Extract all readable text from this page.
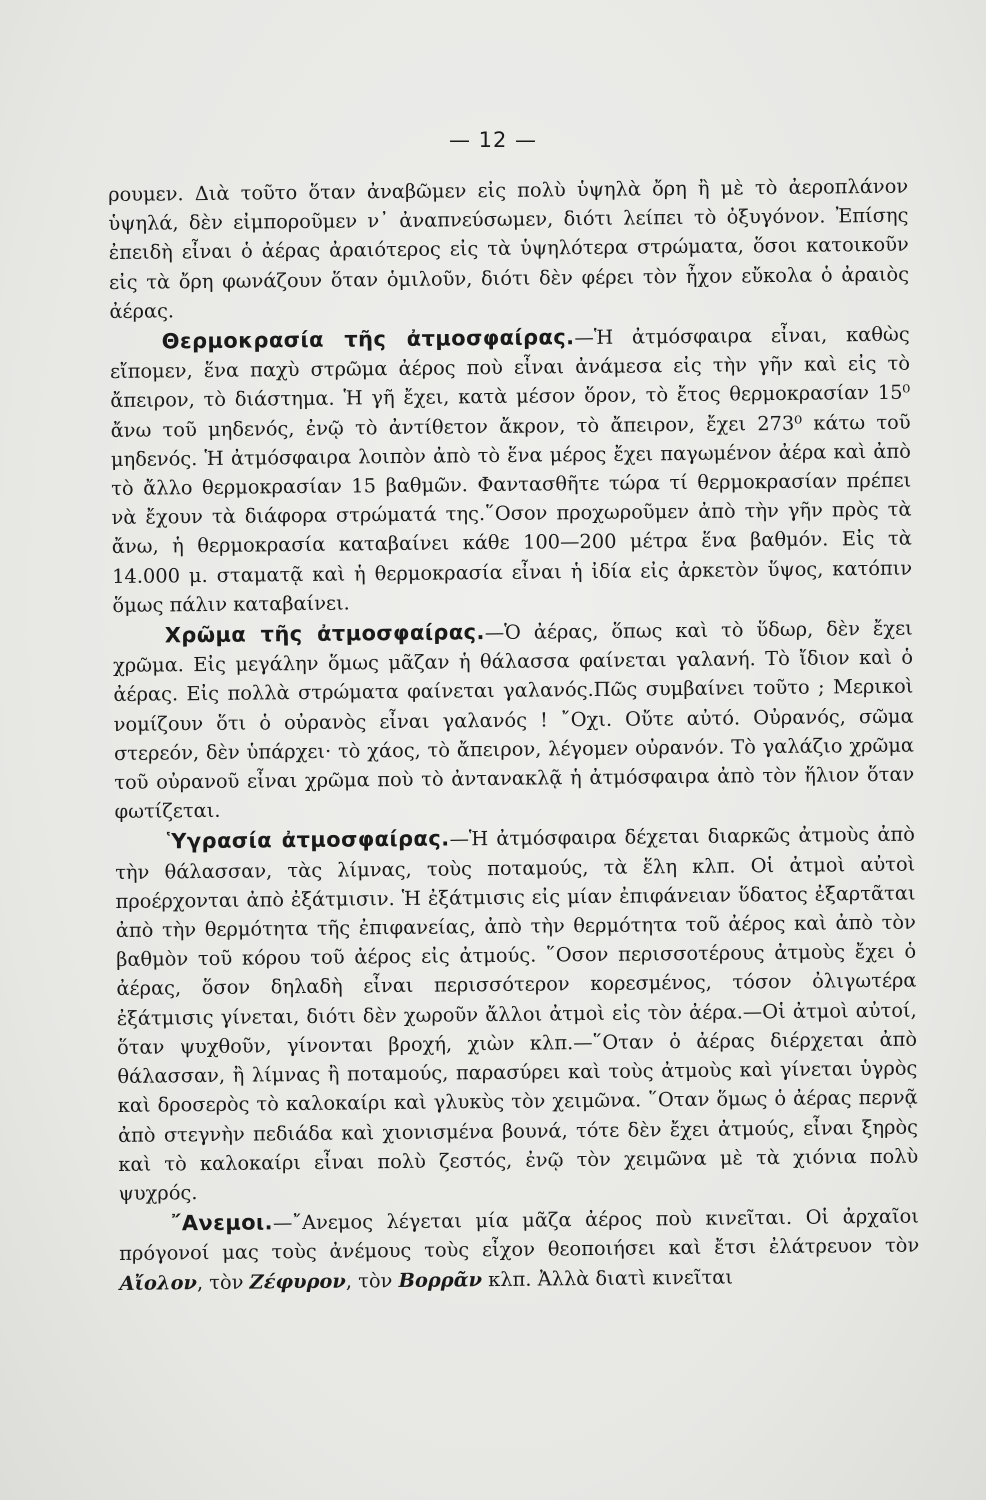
— 12 —

ρουμεν. Διὰ τοῦτο ὅταν ἀναβῶμεν εἰς πολὺ ὑψηλὰ ὄρη ἢ μὲ τὸ ἀεροπλάνον ὑψηλά, δὲν εἰμποροῦμεν ν᾽ ἀναπνεύσωμεν, διότι λείπει τὸ ὀξυγόνον. Ἐπίσης ἐπειδὴ εἶναι ὁ ἀέρας ἀραιότερος εἰς τὰ ὑψηλότερα στρώματα, ὅσοι κατοικοῦν εἰς τὰ ὄρη φωνάζουν ὅταν ὁμιλοῦν, διότι δὲν φέρει τὸν ἦχον εὔκολα ὁ ἀραιὸς ἀέρας.

Θερμοκρασία τῆς ἀτμοσφαίρας.—Ἡ ἀτμόσφαιρα εἶναι, καθὼς εἴπομεν, ἕνα παχὺ στρῶμα ἀέρος ποὺ εἶναι ἀνάμεσα εἰς τὴν γῆν καὶ εἰς τὸ ἄπειρον, τὸ διάστημα. Ἡ γῆ ἔχει, κατὰ μέσον ὅρον, τὸ ἔτος θερμοκρασίαν 15⁰ ἄνω τοῦ μηδενός, ἐνῷ τὸ ἀντίθετον ἄκρον, τὸ ἄπειρον, ἔχει 273⁰ κάτω τοῦ μηδενός. Ἡ ἀτμόσφαιρα λοιπὸν ἀπὸ τὸ ἕνα μέρος ἔχει παγωμένον ἀέρα καὶ ἀπὸ τὸ ἄλλο θερμοκρασίαν 15 βαθμῶν. Φαντασθῆτε τώρα τί θερμοκρασίαν πρέπει νὰ ἔχουν τὰ διάφορα στρώματά της.῞Οσον προχωροῦμεν ἀπὸ τὴν γῆν πρὸς τὰ ἄνω, ἡ θερμοκρασία καταβαίνει κάθε 100—200 μέτρα ἕνα βαθμόν. Εἰς τὰ 14.000 μ. σταματᾷ καὶ ἡ θερμοκρασία εἶναι ἡ ἰδία εἰς ἀρκετὸν ὕψος, κατόπιν ὅμως πάλιν καταβαίνει.

Χρῶμα τῆς ἀτμοσφαίρας.—Ὁ ἀέρας, ὅπως καὶ τὸ ὕδωρ, δὲν ἔχει χρῶμα. Εἰς μεγάλην ὅμως μᾶζαν ἡ θάλασσα φαίνεται γαλανή. Τὸ ἴδιον καὶ ὁ ἀέρας. Εἰς πολλὰ στρώματα φαίνεται γαλανός.Πῶς συμβαίνει τοῦτο ; Μερικοὶ νομίζουν ὅτι ὁ οὐρανὸς εἶναι γαλανός ! ῎Οχι. Οὔτε αὐτό. Οὐρανός, σῶμα στερεόν, δὲν ὑπάρχει· τὸ χάος, τὸ ἄπειρον, λέγομεν οὐρανόν. Τὸ γαλάζιο χρῶμα τοῦ οὐρανοῦ εἶναι χρῶμα ποὺ τὸ ἀντανακλᾷ ἡ ἀτμόσφαιρα ἀπὸ τὸν ἥλιον ὅταν φωτίζεται.

Ὑγρασία ἀτμοσφαίρας.—Ἡ ἀτμόσφαιρα δέχεται διαρκῶς ἀτμοὺς ἀπὸ τὴν θάλασσαν, τὰς λίμνας, τοὺς ποταμούς, τὰ ἕλη κλπ. Οἱ ἀτμοὶ αὐτοὶ προέρχονται ἀπὸ ἐξάτμισιν. Ἡ ἐξάτμισις εἰς μίαν ἐπιφάνειαν ὕδατος ἐξαρτᾶται ἀπὸ τὴν θερμότητα τῆς ἐπιφανείας, ἀπὸ τὴν θερμότητα τοῦ ἀέρος καὶ ἀπὸ τὸν βαθμὸν τοῦ κόρου τοῦ ἀέρος εἰς ἀτμούς. ῞Οσον περισσοτέρους ἀτμοὺς ἔχει ὁ ἀέρας, ὅσον δηλαδὴ εἶναι περισσότερον κορεσμένος, τόσον ὀλιγωτέρα ἐξάτμισις γίνεται, διότι δὲν χωροῦν ἄλλοι ἀτμοὶ εἰς τὸν ἀέρα.—Οἱ ἀτμοὶ αὐτοί, ὅταν ψυχθοῦν, γίνονται βροχή, χιὼν κλπ.—῞Οταν ὁ ἀέρας διέρχεται ἀπὸ θάλασσαν, ἢ λίμνας ἢ ποταμούς, παρασύρει καὶ τοὺς ἀτμοὺς καὶ γίνεται ὑγρὸς καὶ δροσερὸς τὸ καλοκαίρι καὶ γλυκὺς τὸν χειμῶνα. ῞Οταν ὅμως ὁ ἀέρας περνᾷ ἀπὸ στεγνὴν πεδιάδα καὶ χιονισμένα βουνά, τότε δὲν ἔχει ἀτμούς, εἶναι ξηρὸς καὶ τὸ καλοκαίρι εἶναι πολὺ ζεστός, ἐνῷ τὸν χειμῶνα μὲ τὰ χιόνια πολὺ ψυχρός.

῎Ανεμοι.—῎Ανεμος λέγεται μία μᾶζα ἀέρος ποὺ κινεῖται. Οἱ ἀρχαῖοι πρόγονοί μας τοὺς ἀνέμους τοὺς εἶχον θεοποιήσει καὶ ἔτσι ἐλάτρευον τὸν Αἴολον, τὸν Ζέφυρον, τὸν Βορρᾶν κλπ. Ἀλλὰ διατὶ κινεῖται
